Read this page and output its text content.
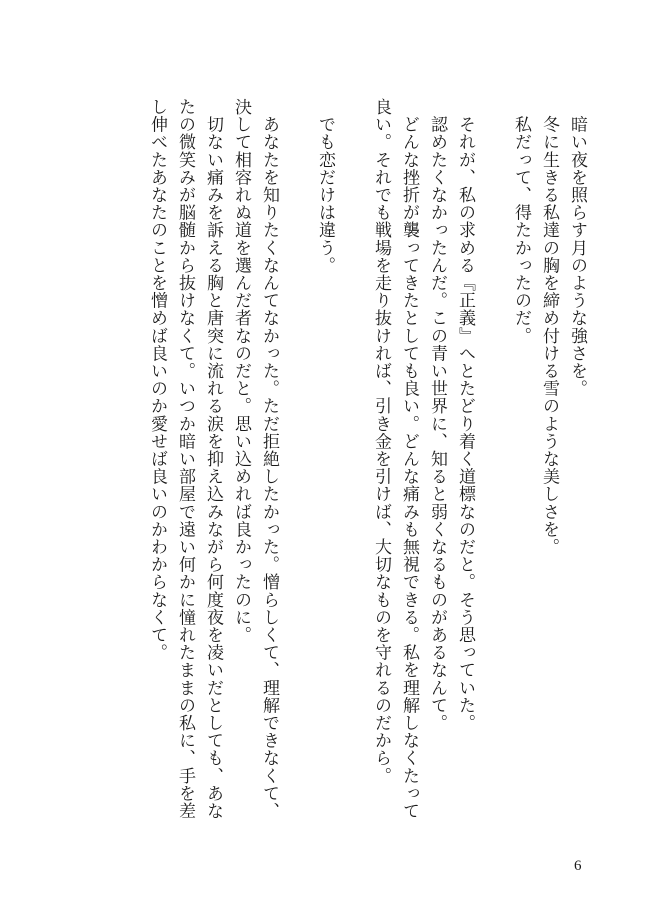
　暗い夜を照らす月のような強さを。
　冬に生きる私達の胸を締め付ける雪のような美しさを。
　私だって、得たかったのだ。
　それが、私の求める『正義』へとたどり着く道標なのだと。そう思っていた。
　認めたくなかったんだ。この青い世界に、知ると弱くなるものがあるなんて。
　どんな挫折が襲ってきたとしても良い。どんな痛みも無視できる。私を理解しなくたって
良い。それでも戦場を走り抜ければ、引き金を引けば、大切なものを守れるのだから。
　でも恋だけは違う。
　あなたを知りたくなんてなかった。ただ拒絶したかった。憎らしくて、理解できなくて、
決して相容れぬ道を選んだ者なのだと。思い込めれば良かったのに。
　切ない痛みを訴える胸と唐突に流れる涙を抑え込みながら何度夜を凌いだとしても、あな
たの微笑みが脳髄から抜けなくて。いつか暗い部屋で遠い何かに憧れたままの私に、手を差
し伸べたあなたのことを憎めば良いのか愛せば良いのかわからなくて。
6
